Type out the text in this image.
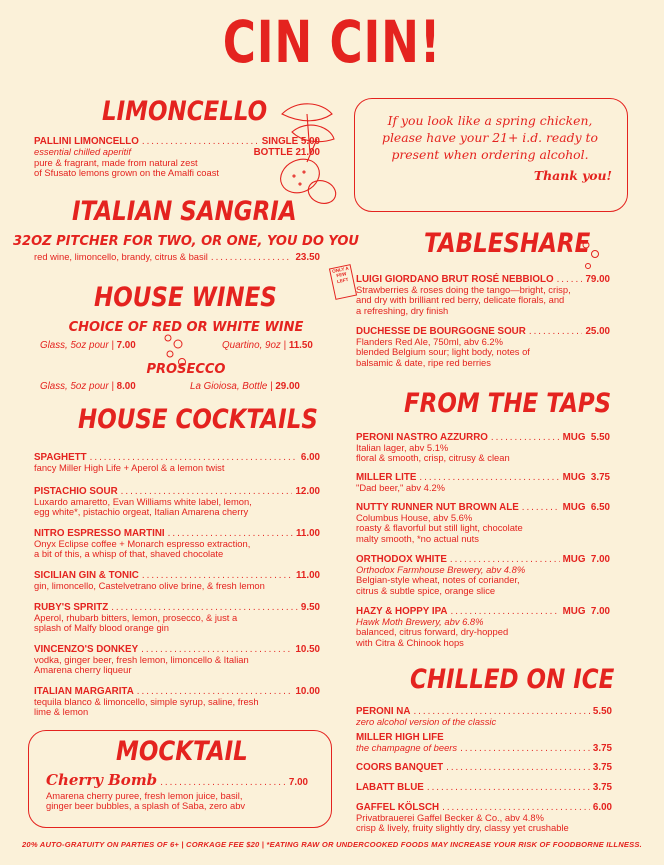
CIN CIN!
LIMONCELLO
PALLINI LIMONCELLO .....	SINGLE 5.00
essential chilled aperitif	BOTTLE 21.00
pure & fragrant, made from natural zest
of Sfusato lemons grown on the Amalfi coast
ITALIAN SANGRIA
32OZ PITCHER FOR TWO, OR ONE, YOU DO YOU
red wine, limoncello, brandy, citrus & basil .....	23.50
HOUSE WINES
CHOICE OF RED OR WHITE WINE
Glass, 5oz pour | 7.00	Quartino, 9oz | 11.50
PROSECCO
Glass, 5oz pour | 8.00	La Gioiosa, Bottle | 29.00
HOUSE COCKTAILS
SPAGHETT .....	6.00
fancy Miller High Life + Aperol & a lemon twist
PISTACHIO SOUR .....	12.00
Luxardo amaretto, Evan Williams white label, lemon,
egg white*, pistachio orgeat, Italian Amarena cherry
NITRO ESPRESSO MARTINI .....	11.00
Onyx Eclipse coffee + Monarch espresso extraction,
a bit of this, a whisp of that, shaved chocolate
SICILIAN GIN & TONIC .....	11.00
gin, limoncello, Castelvetrano olive brine, & fresh lemon
RUBY'S SPRITZ .....	9.50
Aperol, rhubarb bitters, lemon, prosecco, & just a
splash of Malfy blood orange gin
VINCENZO'S DONKEY .....	10.50
vodka, ginger beer, fresh lemon, limoncello & Italian
Amarena cherry liqueur
ITALIAN MARGARITA .....	10.00
tequila blanco & limoncello, simple syrup, saline, fresh
lime & lemon
MOCKTAIL
Cherry Bomb .....	7.00
Amarena cherry puree, fresh lemon juice, basil,
ginger beer bubbles, a splash of Saba, zero abv
If you look like a spring chicken,
please have your 21+ i.d. ready to
present when ordering alcohol.
Thank you!
TABLESHARE
ONLY A FEW LEFT LUIGI GIORDANO BRUT ROSÉ NEBBIOLO .....	79.00
Strawberries & roses doing the tango—bright, crisp,
and dry with brilliant red berry, delicate florals, and
a refreshing, dry finish
DUCHESSE DE BOURGOGNE SOUR .....	25.00
Flanders Red Ale, 750ml, abv 6.2%
blended Belgium sour; light body, notes of
balsamic & date, ripe red berries
FROM THE TAPS
PERONI NASTRO AZZURRO .....	MUG  5.50
Italian lager, abv 5.1%
floral & smooth, crisp, citrusy & clean
MILLER LITE .....	MUG  3.75
"Dad beer," abv 4.2%
NUTTY RUNNER NUT BROWN ALE .....	MUG  6.50
Columbus House, abv 5.6%
roasty & flavorful but still light, chocolate
malty smooth, *no actual nuts
ORTHODOX WHITE .....	MUG  7.00
Orthodox Farmhouse Brewery, abv 4.8%
Belgian-style wheat, notes of coriander,
citrus & subtle spice, orange slice
HAZY & HOPPY IPA .....	MUG  7.00
Hawk Moth Brewery, abv 6.8%
balanced, citrus forward, dry-hopped
with Citra & Chinook hops
CHILLED ON ICE
PERONI NA .....	5.50
zero alcohol version of the classic
MILLER HIGH LIFE
the champagne of beers .....	3.75
COORS BANQUET .....	3.75
LABATT BLUE .....	3.75
GAFFEL KÖLSCH .....	6.00
Privatbrauerei Gaffel Becker & Co., abv 4.8%
crisp & lively, fruity slightly dry, classy yet crushable
20% AUTO-GRATUITY ON PARTIES OF 6+ | CORKAGE FEE $20 | *EATING RAW OR UNDERCOOKED FOODS MAY INCREASE YOUR RISK OF FOODBORNE ILLNESS.
